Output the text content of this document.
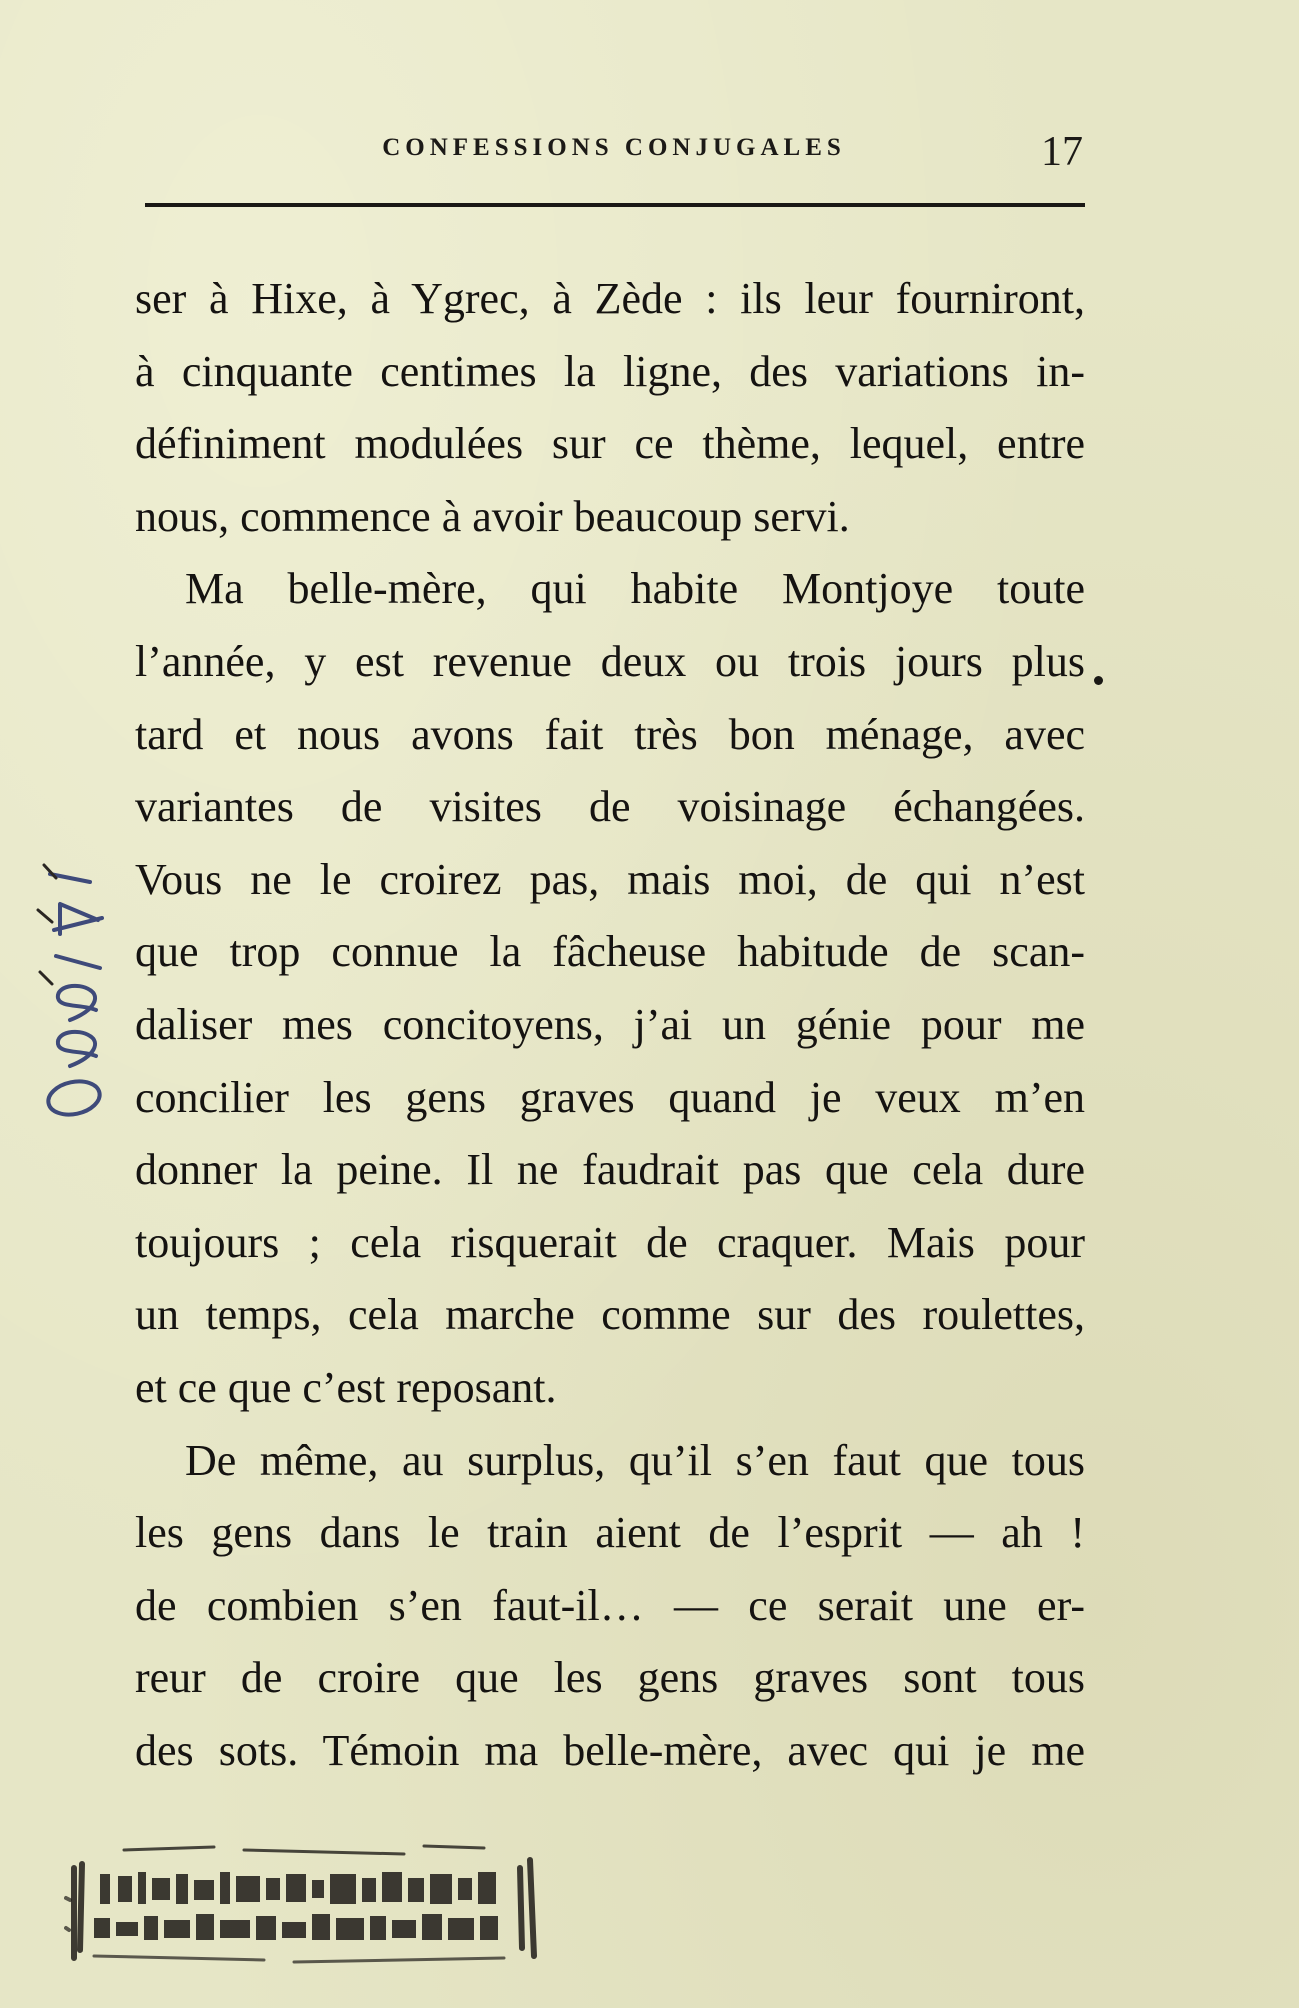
CONFESSIONS CONJUGALES	17
ser à Hixe, à Ygrec, à Zède : ils leur fourniront,
à cinquante centimes la ligne, des variations in-
définiment modulées sur ce thème, lequel, entre
nous, commence à avoir beaucoup servi.
Ma belle-mère, qui habite Montjoye toute
l’année, y est revenue deux ou trois jours plus
tard et nous avons fait très bon ménage, avec
variantes de visites de voisinage échangées.
Vous ne le croirez pas, mais moi, de qui n’est
que trop connue la fâcheuse habitude de scan-
daliser mes concitoyens, j’ai un génie pour me
concilier les gens graves quand je veux m’en
donner la peine. Il ne faudrait pas que cela dure
toujours ; cela risquerait de craquer. Mais pour
un temps, cela marche comme sur des roulettes,
et ce que c’est reposant.
De même, au surplus, qu’il s’en faut que tous
les gens dans le train aient de l’esprit — ah !
de combien s’en faut-il… — ce serait une er-
reur de croire que les gens graves sont tous
des sots. Témoin ma belle-mère, avec qui je me
